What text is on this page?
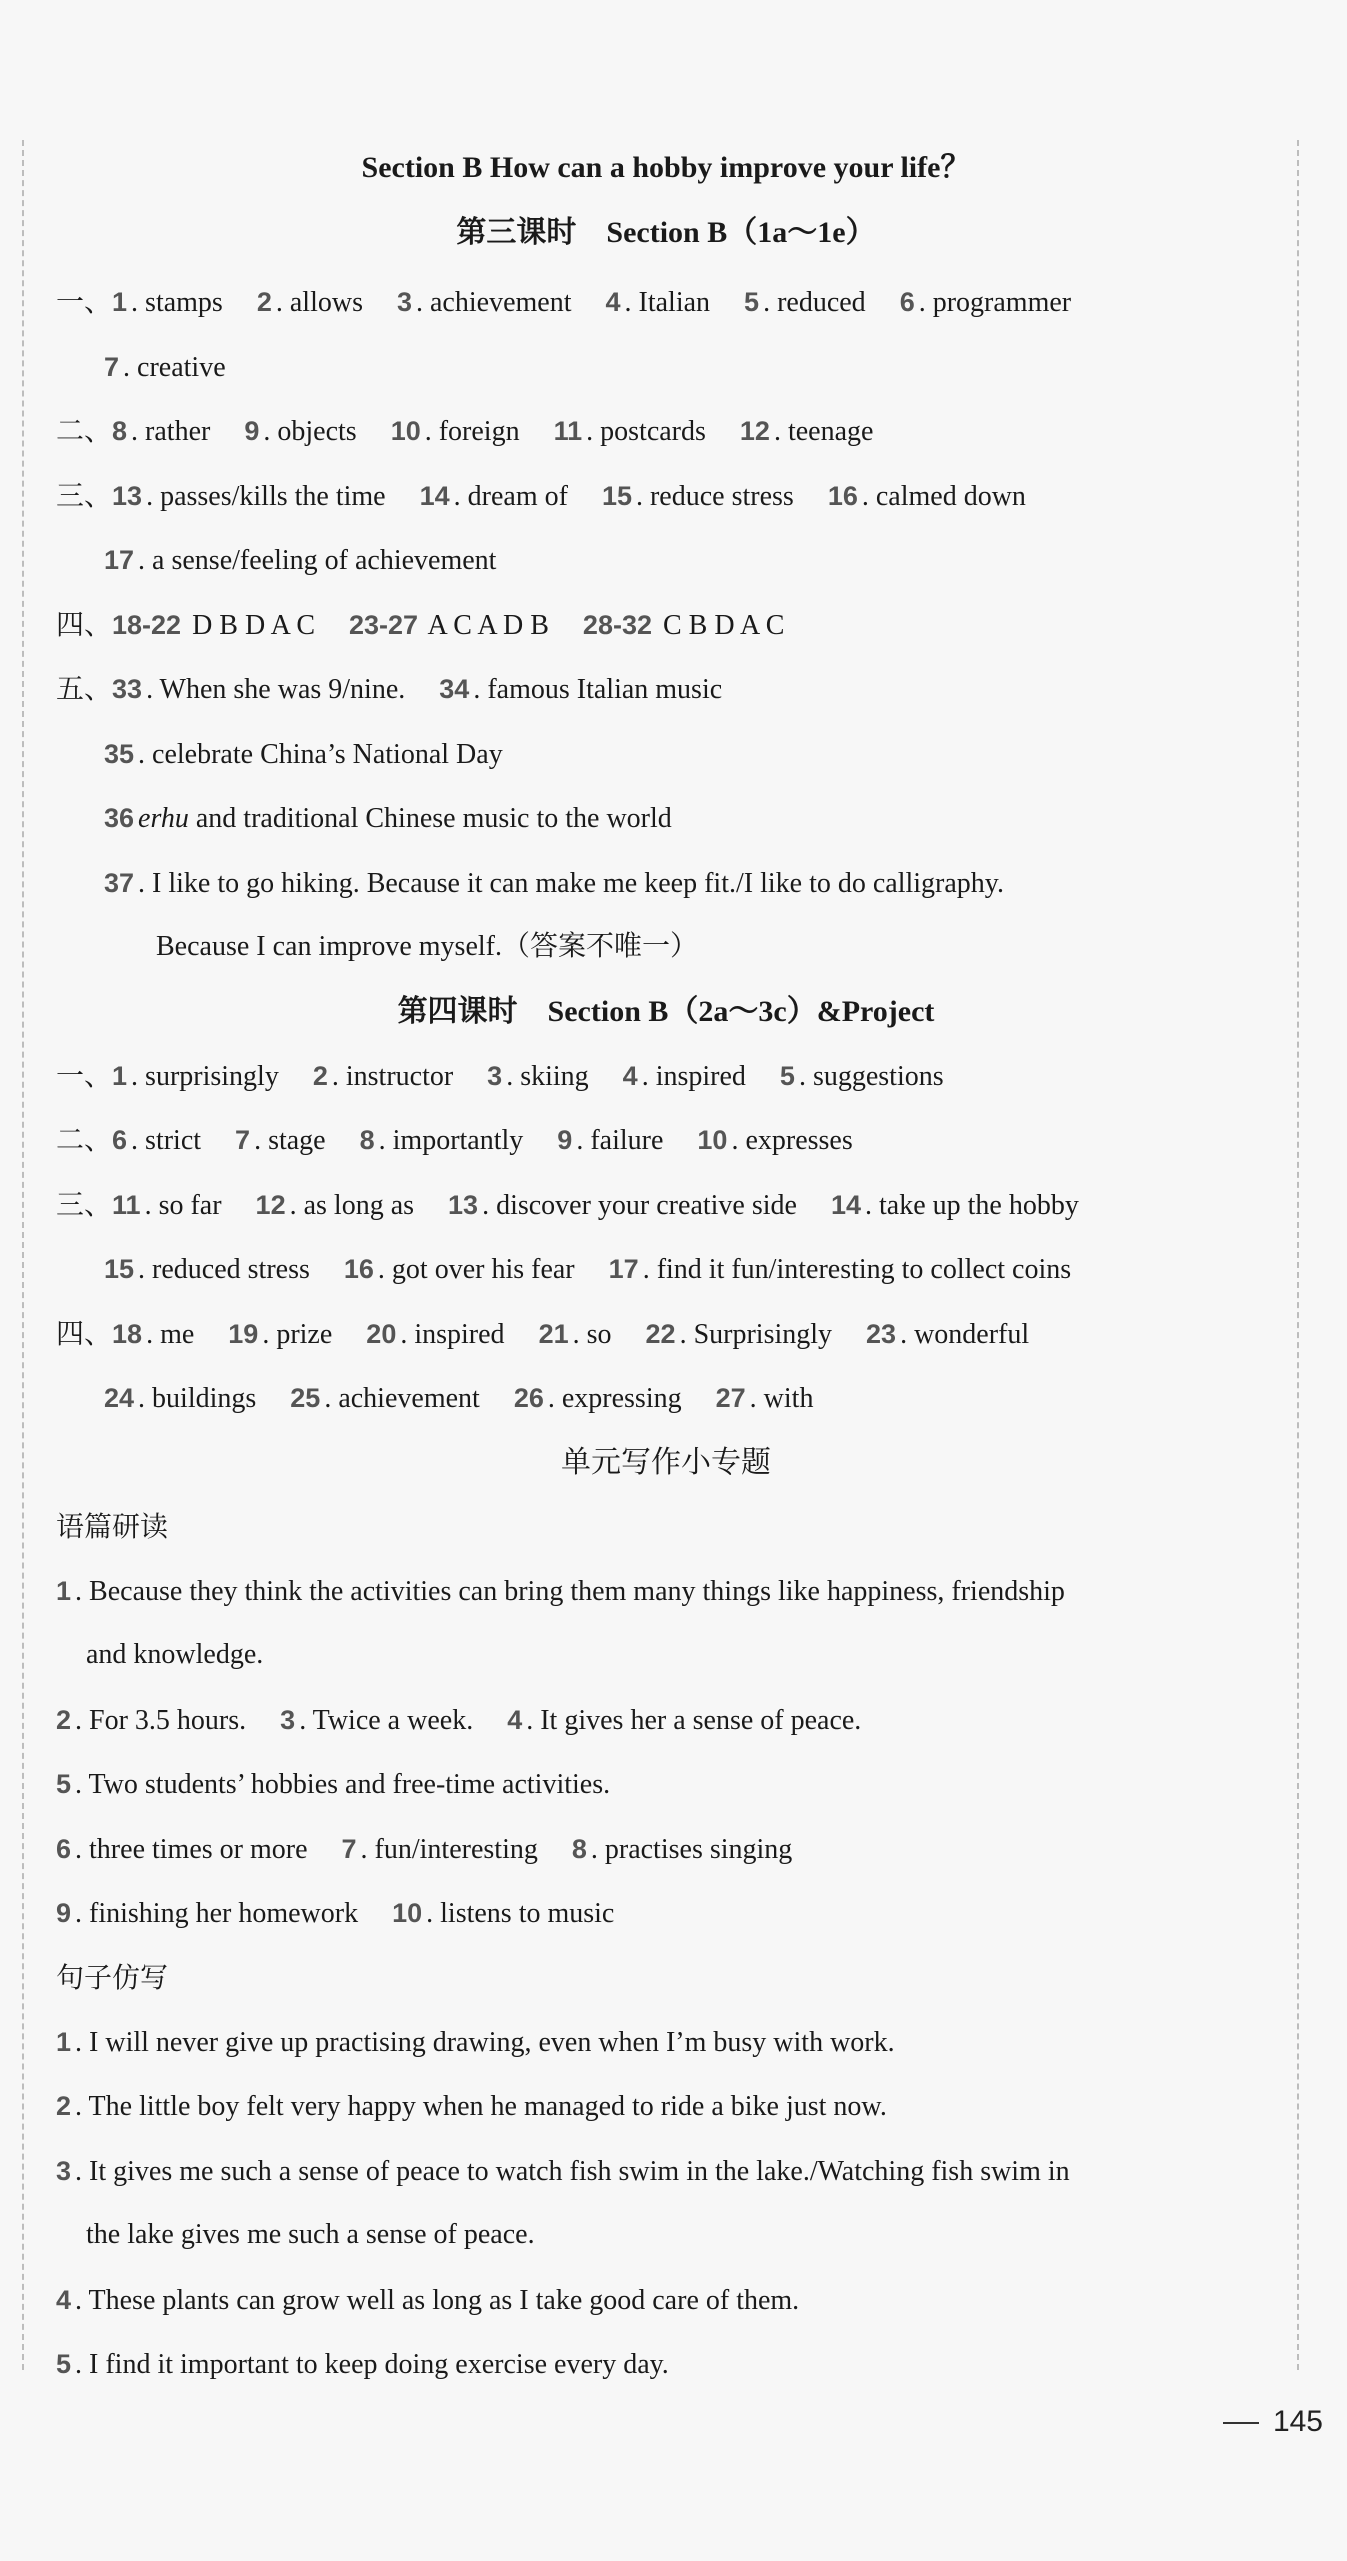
Section B How can a hobby improve your life？
第三课时　Section B（1a～1e）
一、1 . stamps 2 . allows 3 . achievement 4 . Italian 5 . reduced 6 . programmer
7 . creative
二、8 . rather 9 . objects 10 . foreign 11 . postcards 12 . teenage
三、13 . passes/kills the time 14 . dream of 15 . reduce stress 16 . calmed down
17 . a sense/feeling of achievement
四、18-22 D B D A C 23-27 A C A D B 28-32 C B D A C
五、33 . When she was 9/nine. 34 . famous Italian music
35 . celebrate China’s National Day
36 erhu and traditional Chinese music to the world
37 . I like to go hiking. Because it can make me keep fit./I like to do calligraphy.
Because I can improve myself.（答案不唯一）
第四课时　Section B（2a～3c）&Project
一、1 . surprisingly 2 . instructor 3 . skiing 4 . inspired 5 . suggestions
二、6 . strict 7 . stage 8 . importantly 9 . failure 10 . expresses
三、11 . so far 12 . as long as 13 . discover your creative side 14 . take up the hobby
15 . reduced stress 16 . got over his fear 17 . find it fun/interesting to collect coins
四、18 . me 19 . prize 20 . inspired 21 . so 22 . Surprisingly 23 . wonderful
24 . buildings 25 . achievement 26 . expressing 27 . with
单元写作小专题
语篇研读
1 . Because they think the activities can bring them many things like happiness, friendship
and knowledge.
2 . For 3.5 hours. 3 . Twice a week. 4 . It gives her a sense of peace.
5 . Two students’ hobbies and free-time activities.
6 . three times or more 7 . fun/interesting 8 . practises singing
9 . finishing her homework 10 . listens to music
句子仿写
1 . I will never give up practising drawing, even when I’m busy with work.
2 . The little boy felt very happy when he managed to ride a bike just now.
3 . It gives me such a sense of peace to watch fish swim in the lake./Watching fish swim in
the lake gives me such a sense of peace.
4 . These plants can grow well as long as I take good care of them.
5 . I find it important to keep doing exercise every day.
145
